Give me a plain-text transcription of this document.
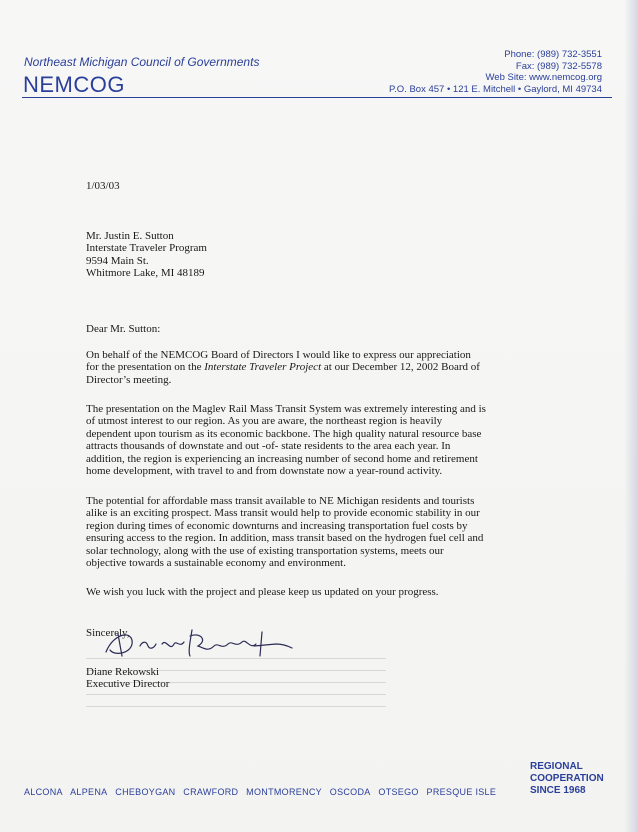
Northeast Michigan Council of Governments
NEMCOG
Phone: (989) 732-3551
Fax: (989) 732-5578
Web Site: www.nemcog.org
P.O. Box 457 • 121 E. Mitchell • Gaylord, MI 49734
1/03/03
Mr. Justin E. Sutton
Interstate Traveler Program
9594 Main St.
Whitmore Lake, MI 48189
Dear Mr. Sutton:
On behalf of the NEMCOG Board of Directors I would like to express our appreciation for the presentation on the Interstate Traveler Project at our December 12, 2002 Board of Director’s meeting.
The presentation on the Maglev Rail Mass Transit System was extremely interesting and is of utmost interest to our region. As you are aware, the northeast region is heavily dependent upon tourism as its economic backbone. The high quality natural resource base attracts thousands of downstate and out -of- state residents to the area each year. In addition, the region is experiencing an increasing number of second home and retirement home development, with travel to and from downstate now a year-round activity.
The potential for affordable mass transit available to NE Michigan residents and tourists alike is an exciting prospect. Mass transit would help to provide economic stability in our region during times of economic downturns and increasing transportation fuel costs by ensuring access to the region. In addition, mass transit based on the hydrogen fuel cell and solar technology, along with the use of existing transportation systems, meets our objective towards a sustainable economy and environment.
We wish you luck with the project and please keep us updated on your progress.
Sincerely,
Diane Rekowski
Executive Director
ALCONA ALPENA CHEBOYGAN CRAWFORD MONTMORENCY OSCODA OTSEGO PRESQUE ISLE
REGIONAL
COOPERATION
SINCE 1968
